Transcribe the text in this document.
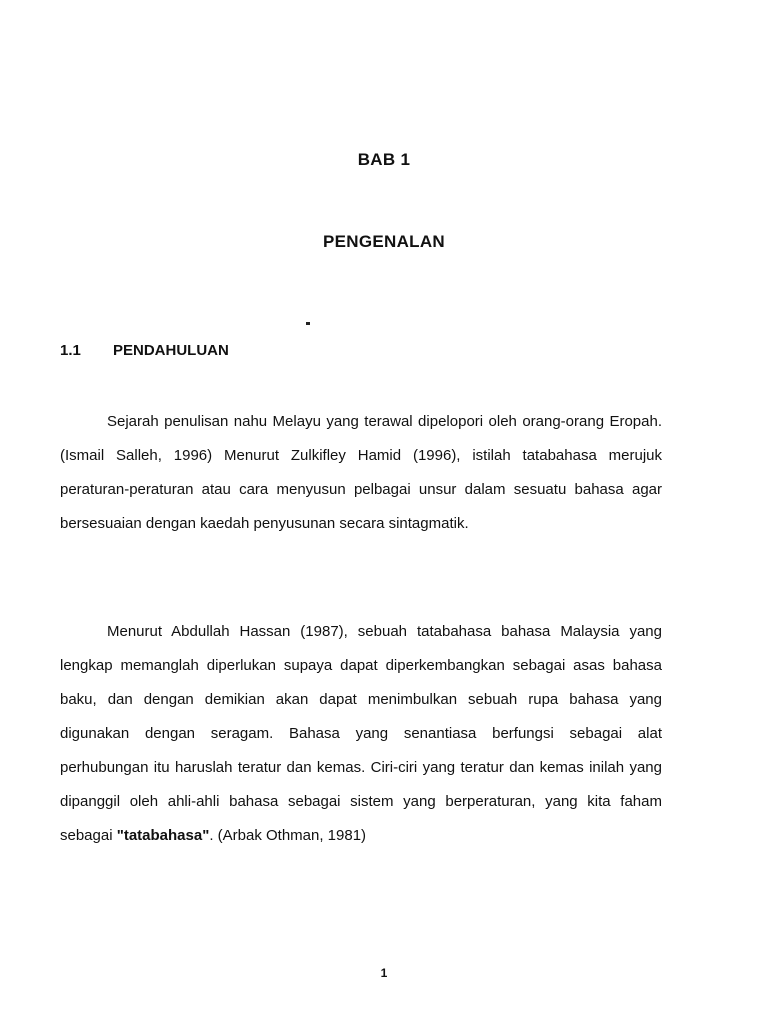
BAB 1
PENGENALAN
1.1 PENDAHULUAN

Sejarah penulisan nahu Melayu yang terawal dipelopori oleh orang-orang Eropah. (Ismail Salleh, 1996) Menurut Zulkifley Hamid (1996), istilah tatabahasa merujuk peraturan-peraturan atau cara menyusun pelbagai unsur dalam sesuatu bahasa agar bersesuaian dengan kaedah penyusunan secara sintagmatik.

Menurut Abdullah Hassan (1987), sebuah tatabahasa bahasa Malaysia yang lengkap memanglah diperlukan supaya dapat diperkembangkan sebagai asas bahasa baku, dan dengan demikian akan dapat menimbulkan sebuah rupa bahasa yang digunakan dengan seragam. Bahasa yang senantiasa berfungsi sebagai alat perhubungan itu haruslah teratur dan kemas. Ciri-ciri yang teratur dan kemas inilah yang dipanggil oleh ahli-ahli bahasa sebagai sistem yang berperaturan, yang kita faham sebagai "tatabahasa". (Arbak Othman, 1981)

1
